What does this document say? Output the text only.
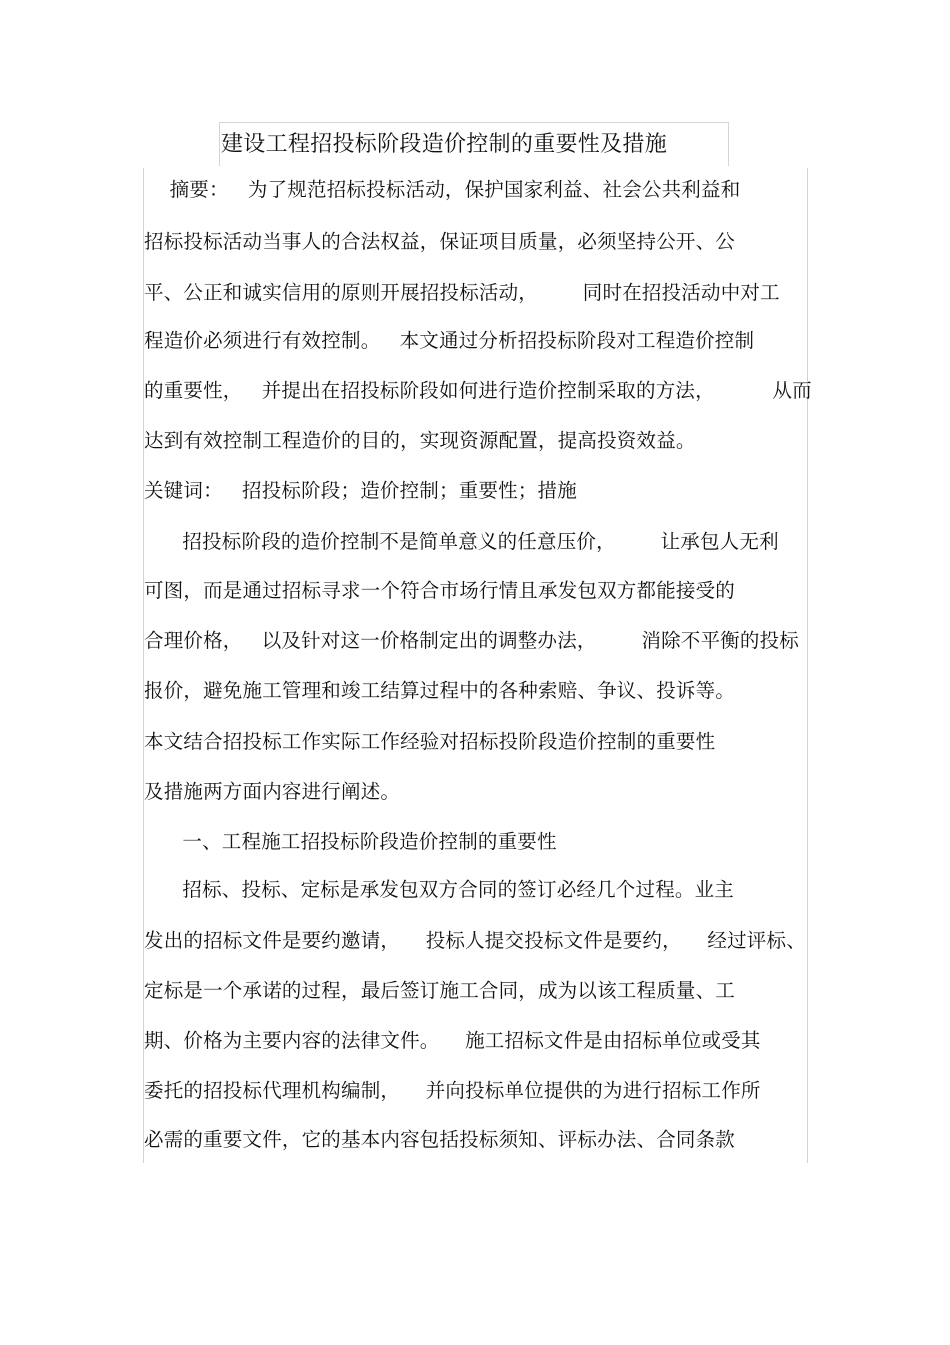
建设工程招投标阶段造价控制的重要性及措施
摘要：   为了规范招标投标活动，保护国家利益、社会公共利益和
招标投标活动当事人的合法权益，保证项目质量，必须坚持公开、公
平、公正和诚实信用的原则开展招投标活动，       同时在招投活动中对工
程造价必须进行有效控制。   本文通过分析招投标阶段对工程造价控制
的重要性，   并提出在招投标阶段如何进行造价控制采取的方法，         从而
达到有效控制工程造价的目的，实现资源配置，提高投资效益。
关键词：   招投标阶段；造价控制；重要性；措施
招投标阶段的造价控制不是简单意义的任意压价，       让承包人无利
可图，而是通过招标寻求一个符合市场行情且承发包双方都能接受的
合理价格，   以及针对这一价格制定出的调整办法，       消除不平衡的投标
报价，避免施工管理和竣工结算过程中的各种索赔、争议、投诉等。
本文结合招投标工作实际工作经验对招标投阶段造价控制的重要性
及措施两方面内容进行阐述。
一、工程施工招投标阶段造价控制的重要性
招标、投标、定标是承发包双方合同的签订必经几个过程。业主
发出的招标文件是要约邀请，    投标人提交投标文件是要约，    经过评标、
定标是一个承诺的过程，最后签订施工合同，成为以该工程质量、工
期、价格为主要内容的法律文件。    施工招标文件是由招标单位或受其
委托的招投标代理机构编制，    并向投标单位提供的为进行招标工作所
必需的重要文件，它的基本内容包括投标须知、评标办法、合同条款
